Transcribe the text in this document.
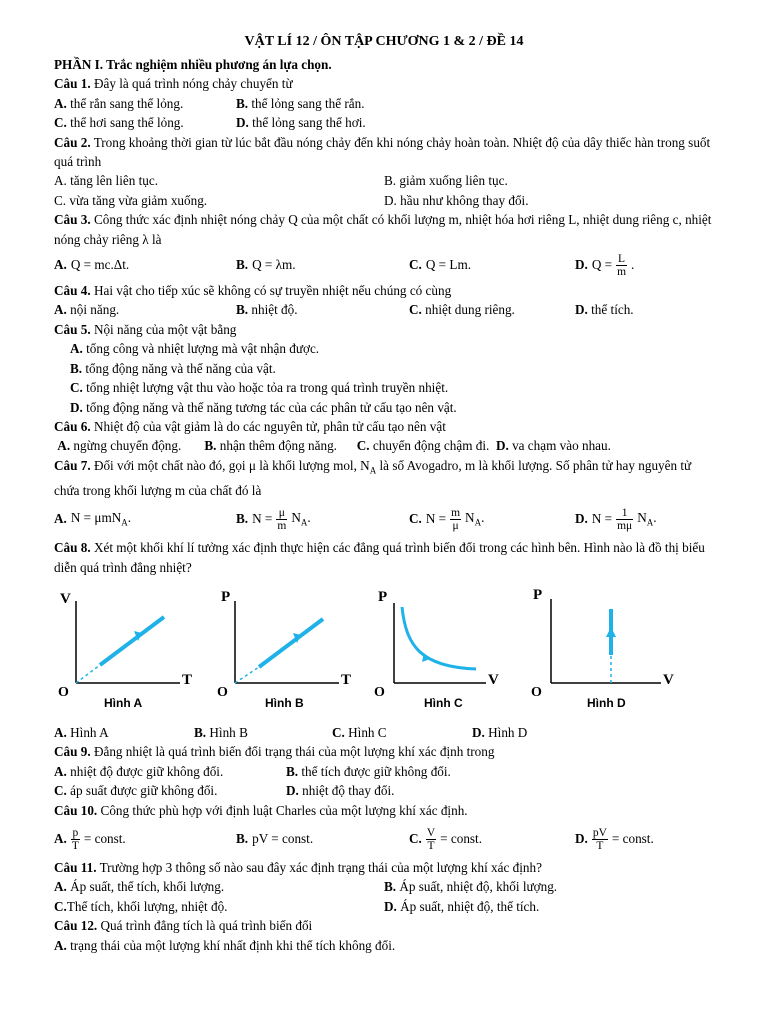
VẬT LÍ 12 / ÔN TẬP CHƯƠNG 1 & 2 / ĐỀ 14
PHẦN I. Trắc nghiệm nhiều phương án lựa chọn.
Câu 1. Đây là quá trình nóng chảy chuyển từ
A. thể rắn sang thể lỏng.	B. thể lỏng sang thể rắn.
C. thể hơi sang thể lỏng.	D. thể lỏng sang thể hơi.
Câu 2. Trong khoảng thời gian từ lúc bắt đầu nóng chảy đến khi nóng chảy hoàn toàn. Nhiệt độ của dây thiếc hàn trong suốt quá trình
A. tăng lên liên tục.	B. giảm xuống liên tục.
C. vừa tăng vừa giảm xuống.	D. hầu như không thay đổi.
Câu 3. Công thức xác định nhiệt nóng chảy Q của một chất có khối lượng m, nhiệt hóa hơi riêng L, nhiệt dung riêng c, nhiệt nóng chảy riêng λ là
A. Q = mc.Δt.	B. Q = λm.	C. Q = Lm.	D. $Q = \frac{L}{m}$ .
Câu 4. Hai vật cho tiếp xúc sẽ không có sự truyền nhiệt nếu chúng có cùng
A. nội năng.	B. nhiệt độ.	C. nhiệt dung riêng.	D. thể tích.
Câu 5. Nội năng của một vật bằng
A. tổng công và nhiệt lượng mà vật nhận được.
B. tổng động năng và thế năng của vật.
C. tổng nhiệt lượng vật thu vào hoặc tỏa ra trong quá trình truyền nhiệt.
D. tổng động năng và thế năng tương tác của các phân tử cấu tạo nên vật.
Câu 6. Nhiệt độ của vật giảm là do các nguyên tử, phân tử cấu tạo nên vật
A. ngừng chuyển động. B. nhận thêm động năng. C. chuyển động chậm đi. D. va chạm vào nhau.
Câu 7. Đối với một chất nào đó, gọi μ là khối lượng mol, $N_A$ là số Avogadro, m là khối lượng. Số phân tử hay nguyên tử chứa trong khối lượng m của chất đó là
A. N = μmN$_A$.	B. $N = \frac{\mu}{m} N_A$.	C. $N = \frac{m}{\mu} N_A$.	D. $N = \frac{1}{m\mu} N_A$.
Câu 8. Xét một khối khí lí tưởng xác định thực hiện các đẳng quá trình biến đổi trong các hình bên. Hình nào là đồ thị biểu diễn quá trình đẳng nhiệt?
V
T
O
Hình A
P
T
O
Hình B
P
V
O
Hình C
P
V
O
Hình D
A. Hình A	B. Hình B	C. Hình C	D. Hình D
Câu 9. Đẳng nhiệt là quá trình biến đổi trạng thái của một lượng khí xác định trong
A. nhiệt độ được giữ không đổi.	B. thể tích được giữ không đổi.
C. áp suất được giữ không đổi.	D. nhiệt độ thay đổi.
Câu 10. Công thức phù hợp với định luật Charles của một lượng khí xác định.
A. $\frac{p}{T}$ = const.	B. pV = const.	C. $\frac{V}{T}$ = const.	D. $\frac{pV}{T}$ = const.
Câu 11. Trường hợp 3 thông số nào sau đây xác định trạng thái của một lượng khí xác định?
A. Áp suất, thể tích, khối lượng.	B. Áp suất, nhiệt độ, khối lượng.
C.Thể tích, khối lượng, nhiệt độ.	D. Áp suất, nhiệt độ, thể tích.
Câu 12. Quá trình đẳng tích là quá trình biến đổi
A. trạng thái của một lượng khí nhất định khi thể tích không đổi.
